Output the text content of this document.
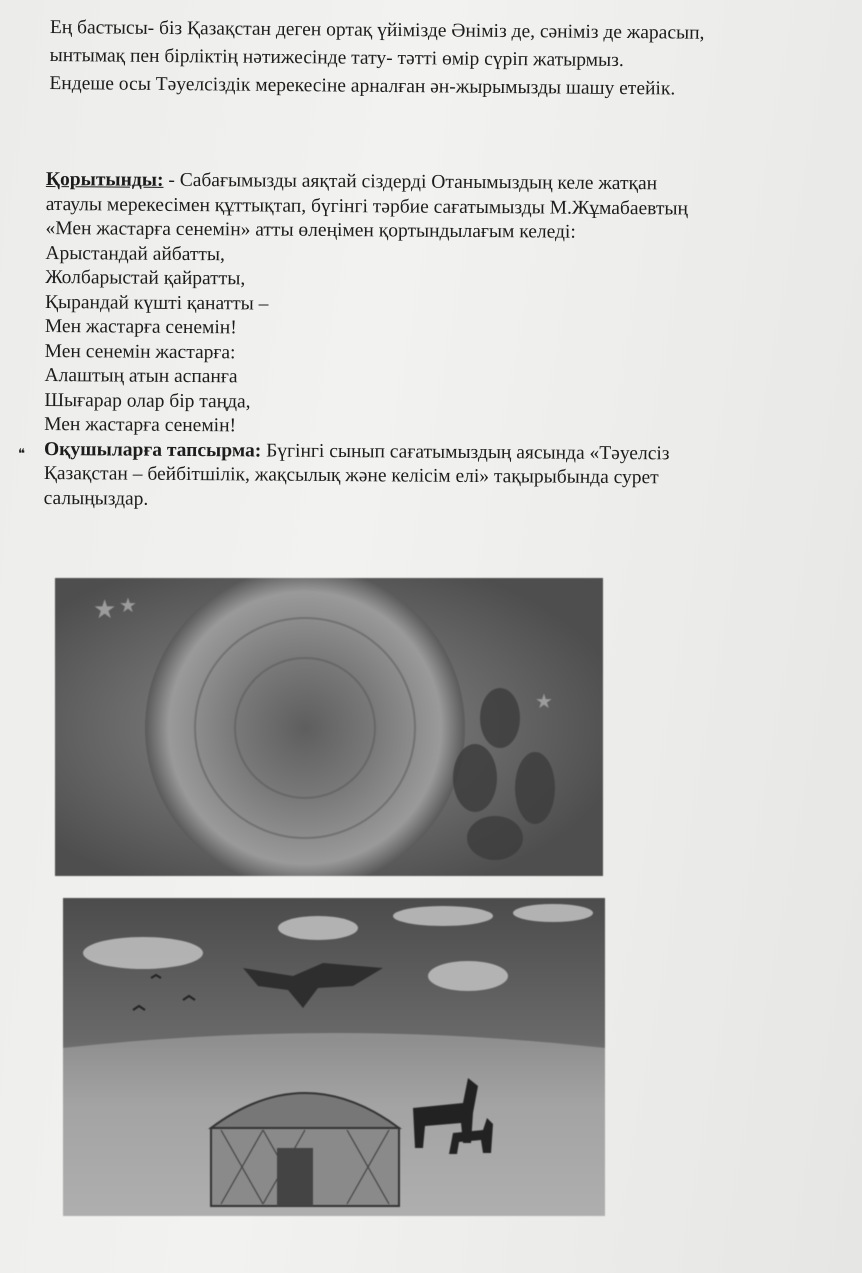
Ең бастысы- біз Қазақстан деген ортақ үйімізде Әніміз де, сәніміз де жарасып,
ынтымақ пен бірліктің нәтижесінде тату- тәтті өмір сүріп жатырмыз.
Ендеше осы Тәуелсіздік мерекесіне арналған ән-жырымызды шашу етейік.
Қорытынды: - Сабағымызды аяқтай сіздерді Отанымыздың келе жатқан
атаулы мерекесімен құттықтап, бүгінгі тәрбие сағатымызды М.Жұмабаевтың
«Мен жастарға сенемін» атты өлеңімен қортындылағым келеді:
Арыстандай айбатты,
Жолбарыстай қайратты,
Қырандай күшті қанатты –
Мен жастарға сенемін!
Мен сенемін жастарға:
Алаштың атын аспанға
Шығарар олар бір таңда,
Мен жастарға сенемін!
❝ Оқушыларға тапсырма: Бүгінгі сынып сағатымыздың аясында «Тәуелсіз
Қазақстан – бейбітшілік, жақсылық және келісім елі» тақырыбында сурет
салыңыздар.
★ ★
★
